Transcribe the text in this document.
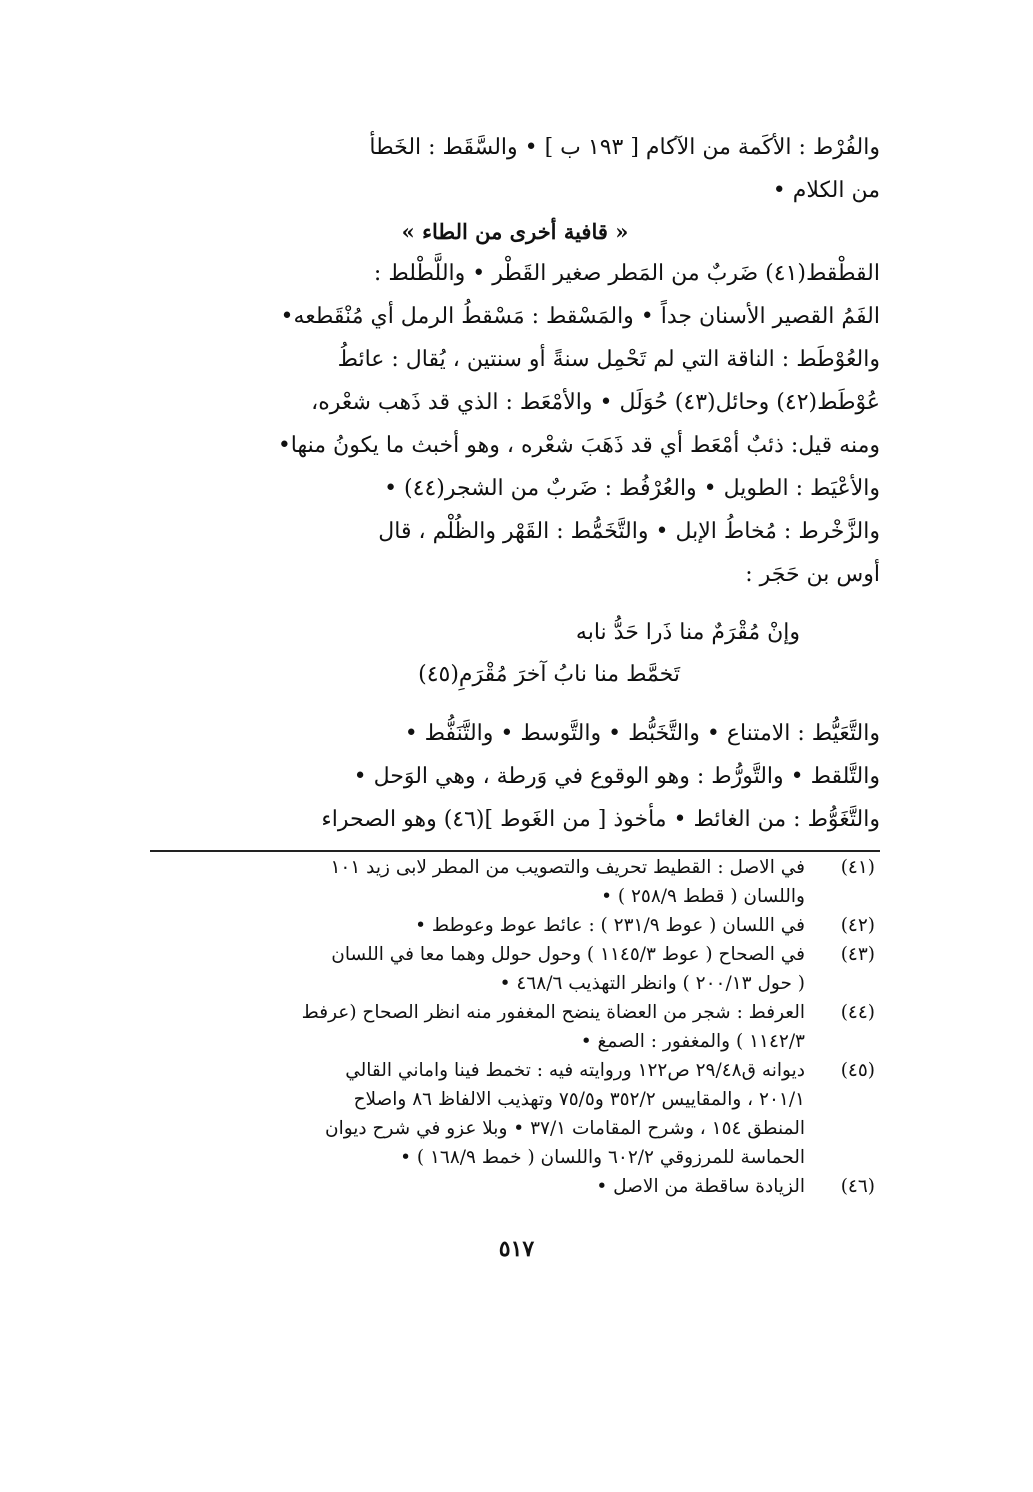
والفُرْط : الأكَمة من الآكام [ ١٩٣ ب ] • والسَّقَط : الخَطأ
من الكلام •
« قافية أخرى من الطاء »
القطْقط(٤١) ضَربٌ من المَطر صغير القَطْر • واللَّطْلط :
الفَمُ القصير الأسنان جداً • والمَسْقط : مَسْقطُ الرمل أي مُنْقَطعه•
والعُوْطَط : الناقة التي لم تَحْمِل سنةً أو سنتين ، يُقال : عائطُ
عُوْطَط(٤٢) وحائل(٤٣) حُوَلَل • والأمْعَط : الذي قد ذَهب شعْره،
ومنه قيل: ذئبٌ أمْعَط أي قد ذَهَبَ شعْره ، وهو أخبث ما يكونُ منها•
والأعْيَط : الطويل • والعُرْفُط : ضَربٌ من الشجر(٤٤) •
والزَّخْرط : مُخاطُ الإبل • والتَّخَمُّط : القَهْر والظُلْم ، قال
أوس بن حَجَر :
وإنْ مُقْرَمٌ منا ذَرا حَدُّ نابه
تَخمَّط منا نابُ آخرَ مُقْرَمِ(٤٥)
والتَّعَيُّط : الامتناع • والتَّخَبُّط • والتَّوسط • والتَّنَفُّط •
والتَّلقط • والتَّورُّط : وهو الوقوع في وَرطة ، وهي الوَحل •
والتَّغَوُّط : من الغائط • مأخوذ [ من الغَوط ](٤٦) وهو الصحراء
(٤١)
في الاصل : القطيط تحريف والتصويب من المطر لابى زيد ١٠١
واللسان ( قطط ٢٥٨/٩ ) •
(٤٢)
في اللسان ( عوط ٢٣١/٩ ) : عائط عوط وعوطط •
(٤٣)
في الصحاح ( عوط ١١٤٥/٣ ) وحول حولل وهما معا في اللسان
( حول ٢٠٠/١٣ ) وانظر التهذيب ٤٦٨/٦ •
(٤٤)
العرفط : شجر من العضاة ينضح المغفور منه انظر الصحاح (عرفط
١١٤٢/٣ ) والمغفور : الصمغ •
(٤٥)
ديوانه ق٢٩/٤٨ ص١٢٢ وروايته فيه : تخمط فينا واماني القالي
٢٠١/١ ، والمقاييس ٣٥٢/٢ و٧٥/٥ وتهذيب الالفاظ ٨٦ واصلاح
المنطق ١٥٤ ، وشرح المقامات ٣٧/١ • وبلا عزو في شرح ديوان
الحماسة للمرزوقي ٦٠٢/٢ واللسان ( خمط ١٦٨/٩ ) •
(٤٦)
الزيادة ساقطة من الاصل •
٥١٧
